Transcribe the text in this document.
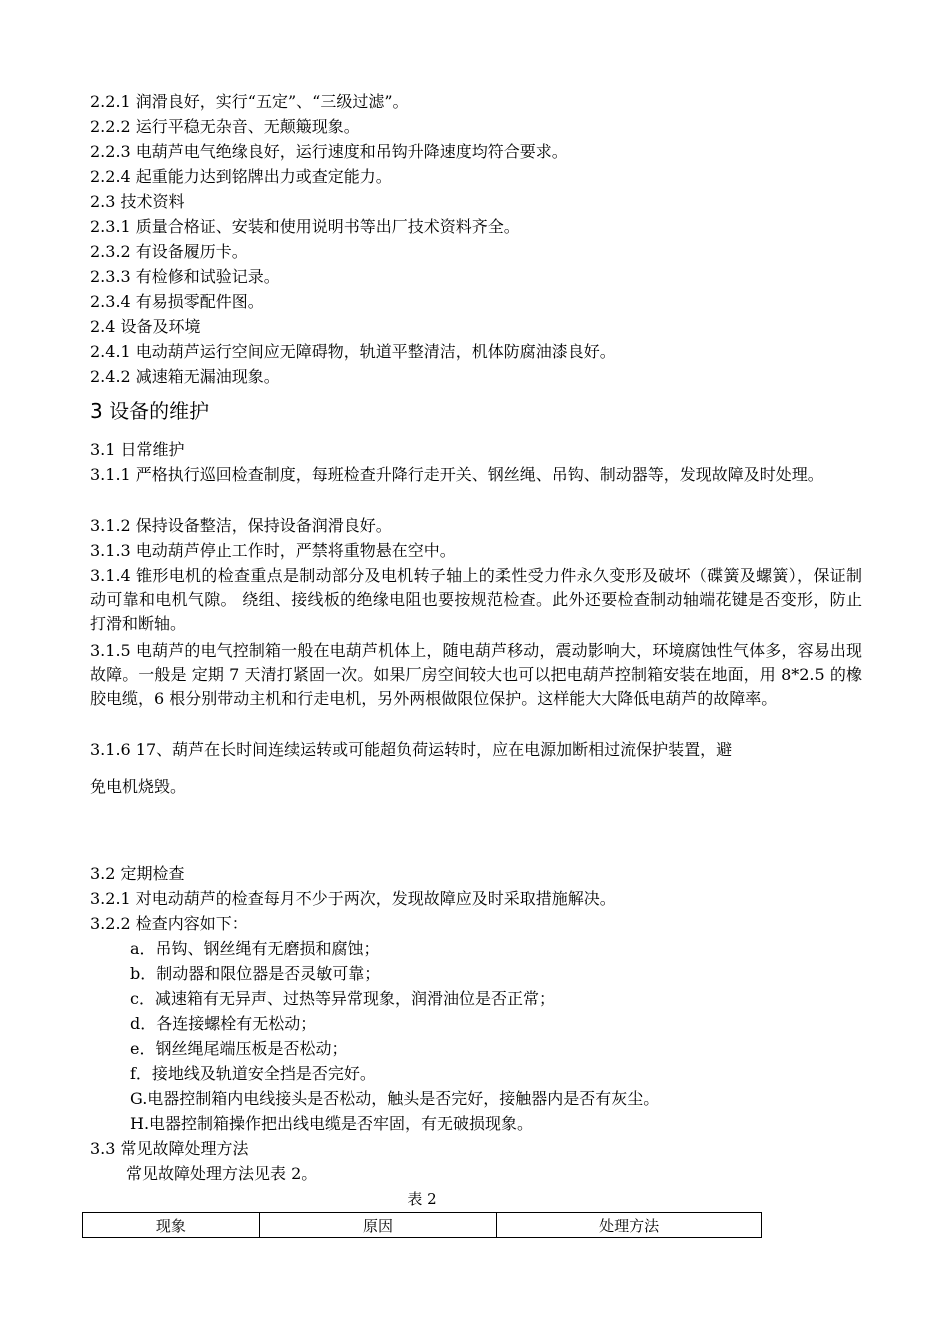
2.2.1 润滑良好，实行“五定”、“三级过滤”。
2.2.2 运行平稳无杂音、无颠簸现象。
2.2.3 电葫芦电气绝缘良好，运行速度和吊钩升降速度均符合要求。
2.2.4 起重能力达到铭牌出力或查定能力。
2.3 技术资料
2.3.1 质量合格证、安装和使用说明书等出厂技术资料齐全。
2.3.2 有设备履历卡。
2.3.3 有检修和试验记录。
2.3.4 有易损零配件图。
2.4 设备及环境
2.4.1 电动葫芦运行空间应无障碍物，轨道平整清洁，机体防腐油漆良好。
2.4.2 减速箱无漏油现象。
3 设备的维护
3.1 日常维护
3.1.1 严格执行巡回检查制度，每班检查升降行走开关、钢丝绳、吊钩、制动器等，发现故障及时处理。
3.1.2 保持设备整洁，保持设备润滑良好。
3.1.3 电动葫芦停止工作时，严禁将重物悬在空中。
3.1.4 锥形电机的检查重点是制动部分及电机转子轴上的柔性受力件永久变形及破坏（碟簧及螺簧），保证制动可靠和电机气隙。 绕组、接线板的绝缘电阻也要按规范检查。此外还要检查制动轴端花键是否变形，防止打滑和断轴。
3.1.5 电葫芦的电气控制箱一般在电葫芦机体上，随电葫芦移动，震动影响大，环境腐蚀性气体多，容易出现故障。一般是 定期 7 天清打紧固一次。如果厂房空间较大也可以把电葫芦控制箱安装在地面，用 8*2.5 的橡胶电缆，6 根分别带动主机和行走电机，另外两根做限位保护。这样能大大降低电葫芦的故障率。
3.1.6 17、葫芦在长时间连续运转或可能超负荷运转时，应在电源加断相过流保护装置，避
免电机烧毁。
3.2 定期检查
3.2.1 对电动葫芦的检查每月不少于两次，发现故障应及时采取措施解决。
3.2.2 检查内容如下：
a．吊钩、钢丝绳有无磨损和腐蚀；
b．制动器和限位器是否灵敏可靠；
c．减速箱有无异声、过热等异常现象，润滑油位是否正常；
d．各连接螺栓有无松动；
e．钢丝绳尾端压板是否松动；
f．接地线及轨道安全挡是否完好。
G.电器控制箱内电线接头是否松动，触头是否完好，接触器内是否有灰尘。
H.电器控制箱操作把出线电缆是否牢固，有无破损现象。
3.3 常见故障处理方法
常见故障处理方法见表 2。
表 2
现象	原因	处理方法
